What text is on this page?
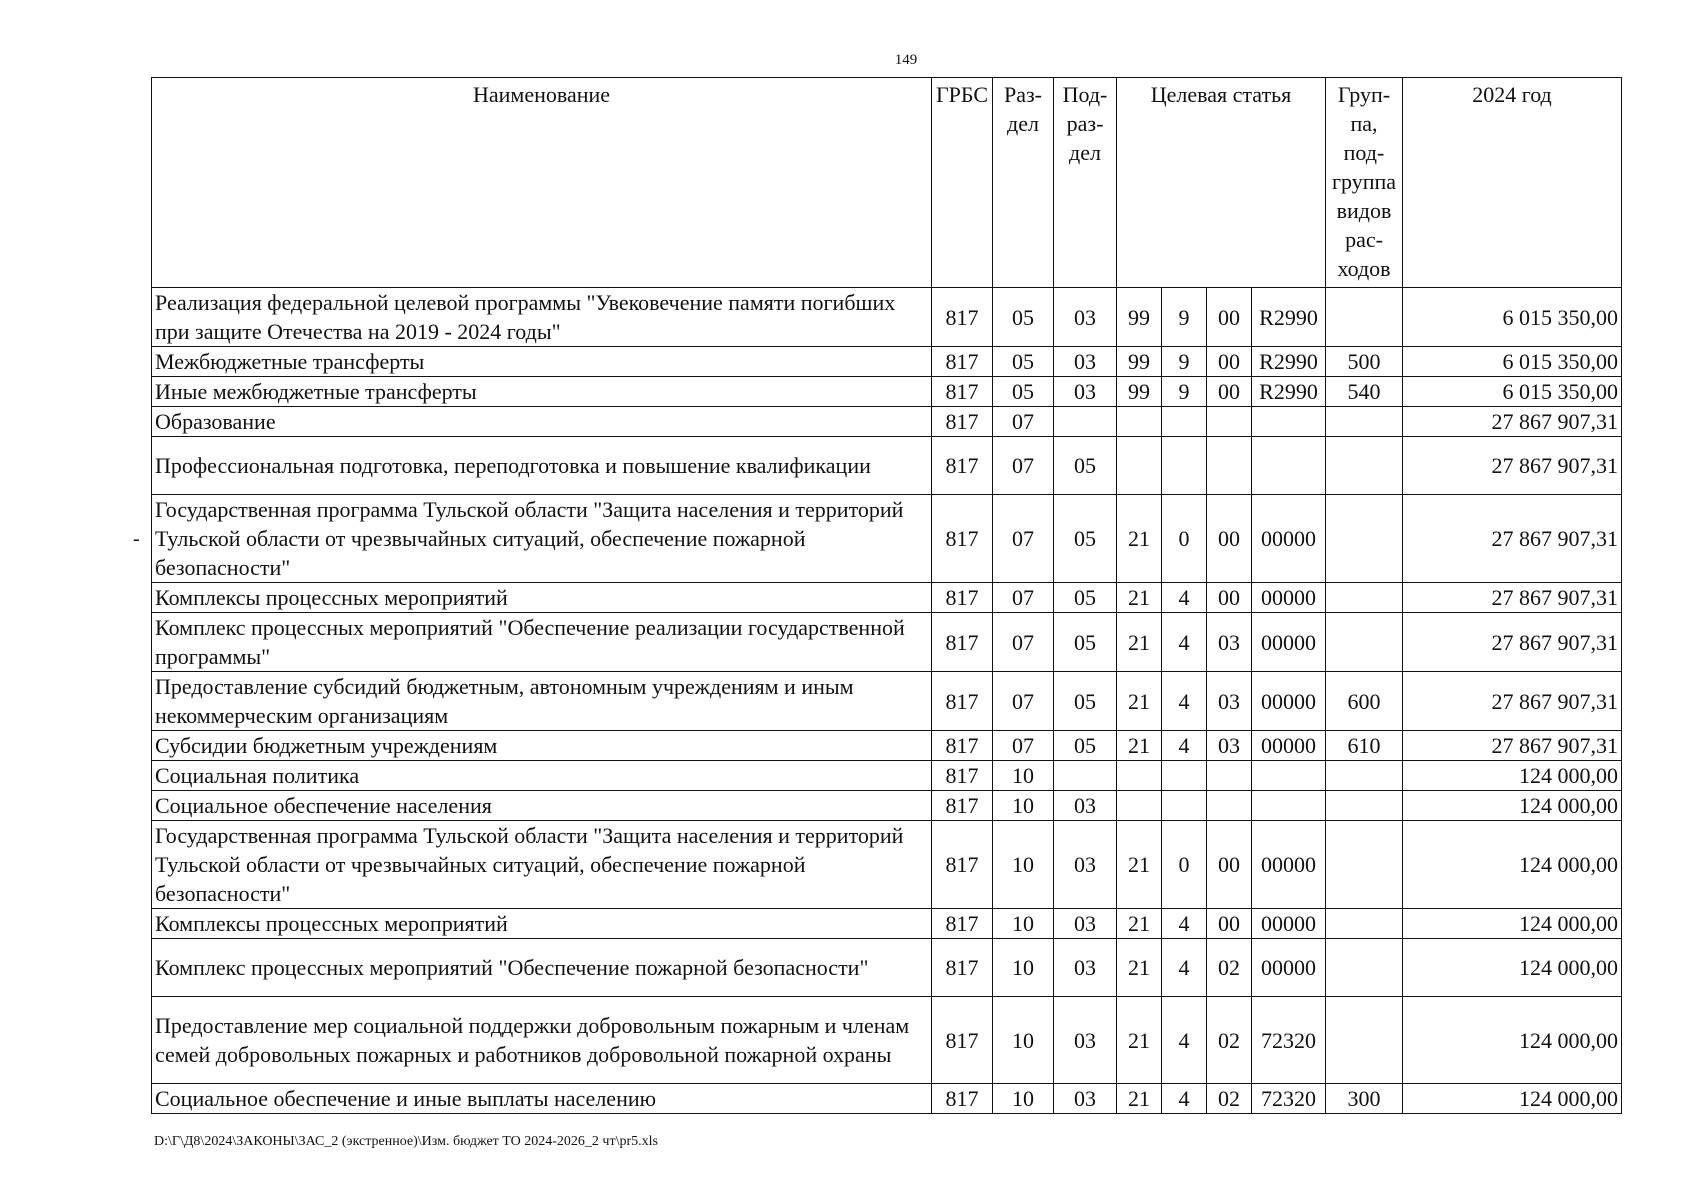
149
-
Наименование	ГРБС	Раз-дел	Под-раз-дел	Целевая статья				Груп-па, под-группа видов рас-ходов	2024 год
Реализация федеральной целевой программы "Увековечение памяти погибших при защите Отечества на 2019 - 2024 годы"	817	05	03	99	9	00	R2990		6 015 350,00
Межбюджетные трансферты	817	05	03	99	9	00	R2990	500	6 015 350,00
Иные межбюджетные трансферты	817	05	03	99	9	00	R2990	540	6 015 350,00
Образование	817	07							27 867 907,31
Профессиональная подготовка, переподготовка и повышение квалификации	817	07	05						27 867 907,31
Государственная программа Тульской области "Защита населения и территорий Тульской области от чрезвычайных ситуаций, обеспечение пожарной безопасности"	817	07	05	21	0	00	00000		27 867 907,31
Комплексы процессных мероприятий	817	07	05	21	4	00	00000		27 867 907,31
Комплекс процессных мероприятий "Обеспечение реализации государственной программы"	817	07	05	21	4	03	00000		27 867 907,31
Предоставление субсидий бюджетным, автономным учреждениям и иным некоммерческим организациям	817	07	05	21	4	03	00000	600	27 867 907,31
Субсидии бюджетным учреждениям	817	07	05	21	4	03	00000	610	27 867 907,31
Социальная политика	817	10							124 000,00
Социальное обеспечение населения	817	10	03						124 000,00
Государственная программа Тульской области "Защита населения и территорий Тульской области от чрезвычайных ситуаций, обеспечение пожарной безопасности"	817	10	03	21	0	00	00000		124 000,00
Комплексы процессных мероприятий	817	10	03	21	4	00	00000		124 000,00
Комплекс процессных мероприятий "Обеспечение пожарной безопасности"	817	10	03	21	4	02	00000		124 000,00
Предоставление мер социальной поддержки добровольным пожарным и членам семей добровольных пожарных и работников добровольной пожарной охраны	817	10	03	21	4	02	72320		124 000,00
Социальное обеспечение и иные выплаты населению	817	10	03	21	4	02	72320	300	124 000,00
D:\Г\Д8\2024\ЗАКОНЫ\ЗАС_2 (экстренное)\Изм. бюджет ТО 2024-2026_2 чт\pr5.xls
